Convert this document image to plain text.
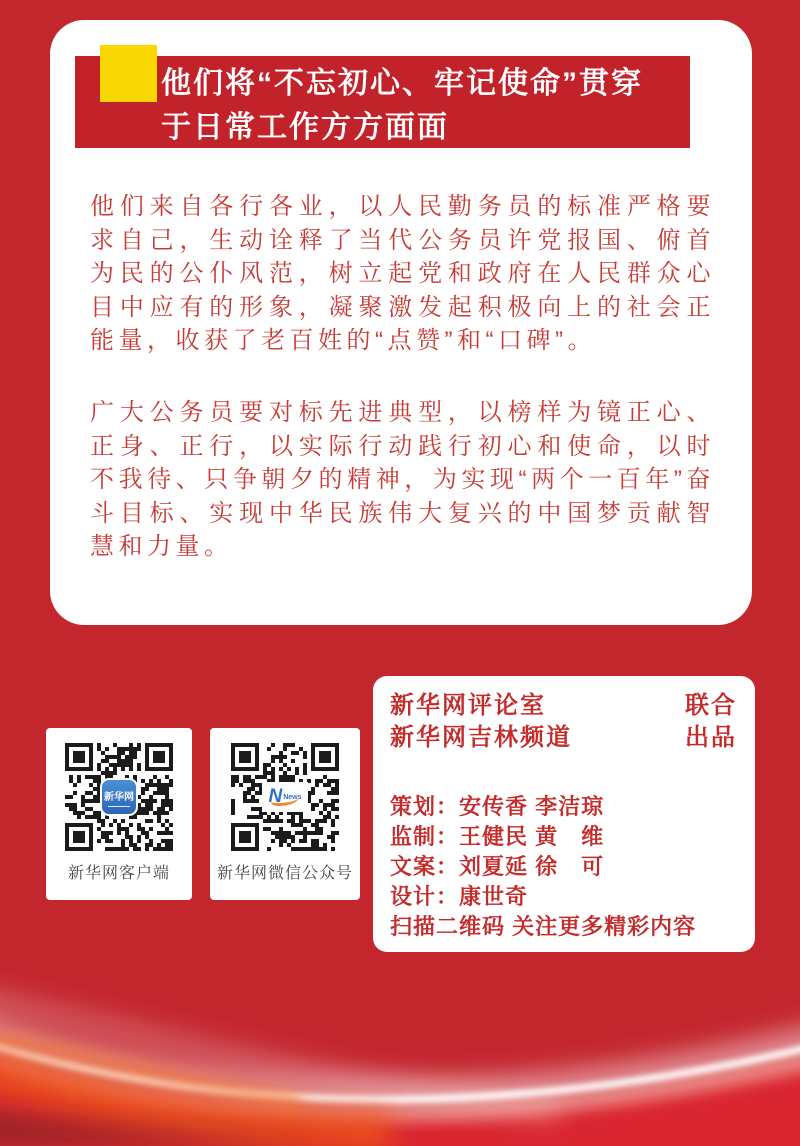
他们将“不忘初心、牢记使命”贯穿
于日常工作方方面面

他们来自各行各业，以人民勤务员的标准严格要求自己，生动诠释了当代公务员许党报国、俯首为民的公仆风范，树立起党和政府在人民群众心目中应有的形象，凝聚激发起积极向上的社会正能量，收获了老百姓的“点赞”和“口碑”。

广大公务员要对标先进典型，以榜样为镜正心、正身、正行，以实际行动践行初心和使命，以时不我待、只争朝夕的精神，为实现“两个一百年”奋斗目标、实现中华民族伟大复兴的中国梦贡献智慧和力量。

新华网
新华网客户端
N News
新华网微信公众号
新华网评论室
新华网吉林频道
联合
出品
策划：安传香 李洁琼
监制：王健民 黄　维
文案：刘夏延 徐　可
设计：康世奇
扫描二维码 关注更多精彩内容
